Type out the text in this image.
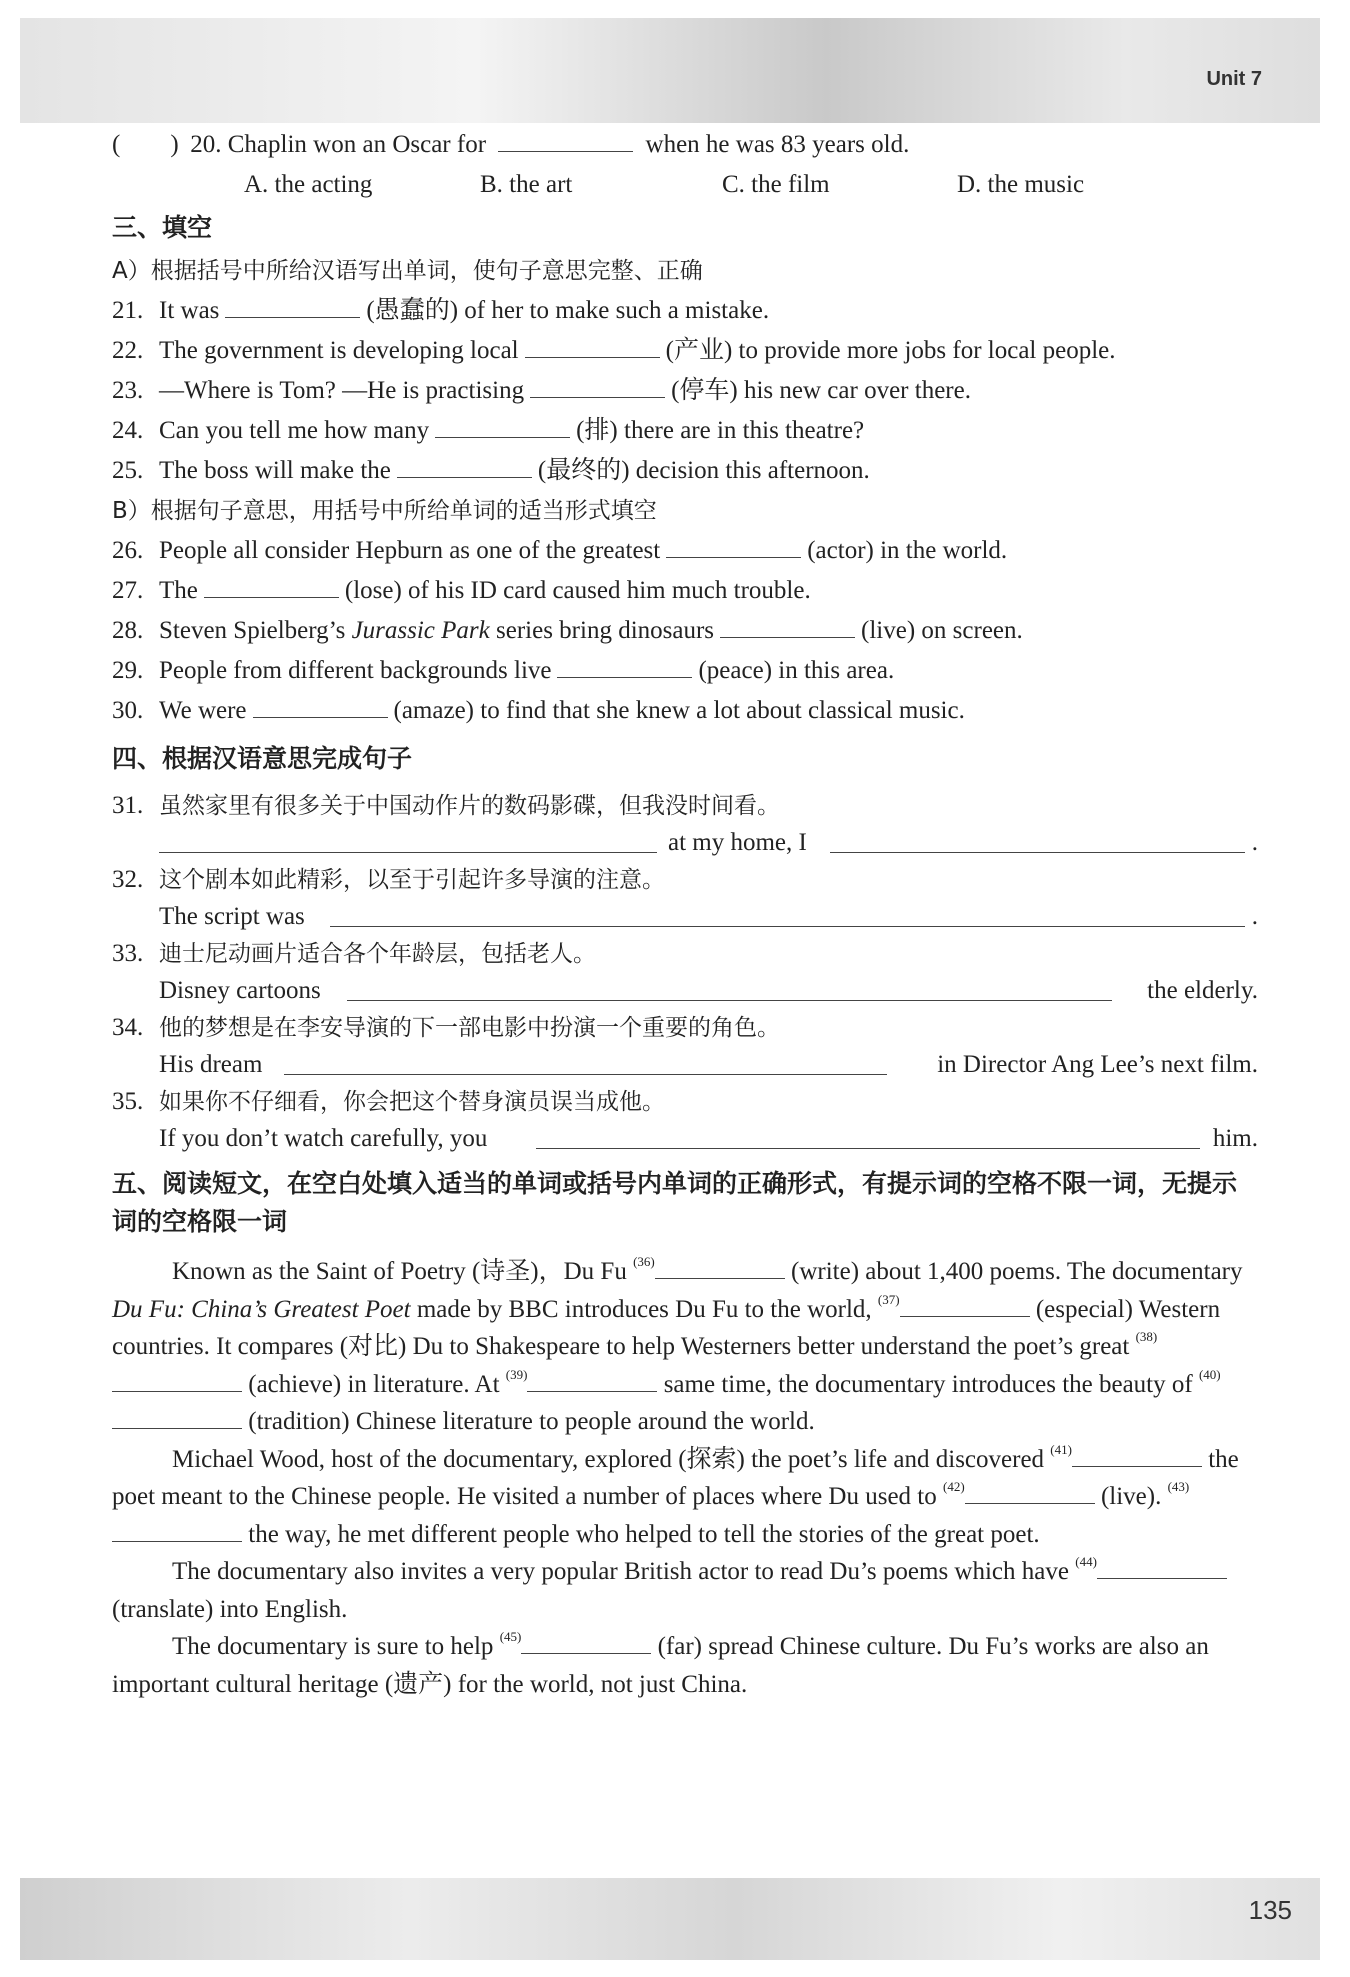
Unit 7
(        ) 20. Chaplin won an Oscar for	when he was 83 years old.
A. the acting	B. the art	C. the film	D. the music
三、填空
A）根据括号中所给汉语写出单词，使句子意思完整、正确
21. It was	(愚蠢的) of her to make such a mistake.
22. The government is developing local	(产业) to provide more jobs for local people.
23. —Where is Tom? —He is practising	(停车) his new car over there.
24. Can you tell me how many	(排) there are in this theatre?
25. The boss will make the	(最终的) decision this afternoon.
B）根据句子意思，用括号中所给单词的适当形式填空
26. People all consider Hepburn as one of the greatest	(actor) in the world.
27. The	(lose) of his ID card caused him much trouble.
28. Steven Spielberg’s Jurassic Park series bring dinosaurs	(live) on screen.
29. People from different backgrounds live	(peace) in this area.
30. We were	(amaze) to find that she knew a lot about classical music.
四、根据汉语意思完成句子
31. 虽然家里有很多关于中国动作片的数码影碟，但我没时间看。
at my home, I	.
32. 这个剧本如此精彩，以至于引起许多导演的注意。
The script was	.
33. 迪士尼动画片适合各个年龄层，包括老人。
Disney cartoons	the elderly.
34. 他的梦想是在李安导演的下一部电影中扮演一个重要的角色。
His dream	in Director Ang Lee’s next film.
35. 如果你不仔细看，你会把这个替身演员误当成他。
If you don’t watch carefully, you	him.
五、阅读短文，在空白处填入适当的单词或括号内单词的正确形式，有提示词的空格不限一词，无提示词的空格限一词
Known as the Saint of Poetry (诗圣)，Du Fu $^{(36)}$	(write) about 1,400 poems. The documentary Du Fu: China’s Greatest Poet made by BBC introduces Du Fu to the world, $^{(37)}$	(especial) Western countries. It compares (对比) Du to Shakespeare to help Westerners better understand the poet’s great $^{(38)}$ (achieve) in literature. At $^{(39)}$	same time, the documentary introduces the beauty of $^{(40)}$ (tradition) Chinese literature to people around the world.
Michael Wood, host of the documentary, explored (探索) the poet’s life and discovered $^{(41)}$	the poet meant to the Chinese people. He visited a number of places where Du used to $^{(42)}$	(live). $^{(43)}$ the way, he met different people who helped to tell the stories of the great poet.
The documentary also invites a very popular British actor to read Du’s poems which have $^{(44)}$ (translate) into English.
The documentary is sure to help $^{(45)}$	(far) spread Chinese culture. Du Fu’s works are also an important cultural heritage (遗产) for the world, not just China.
135
